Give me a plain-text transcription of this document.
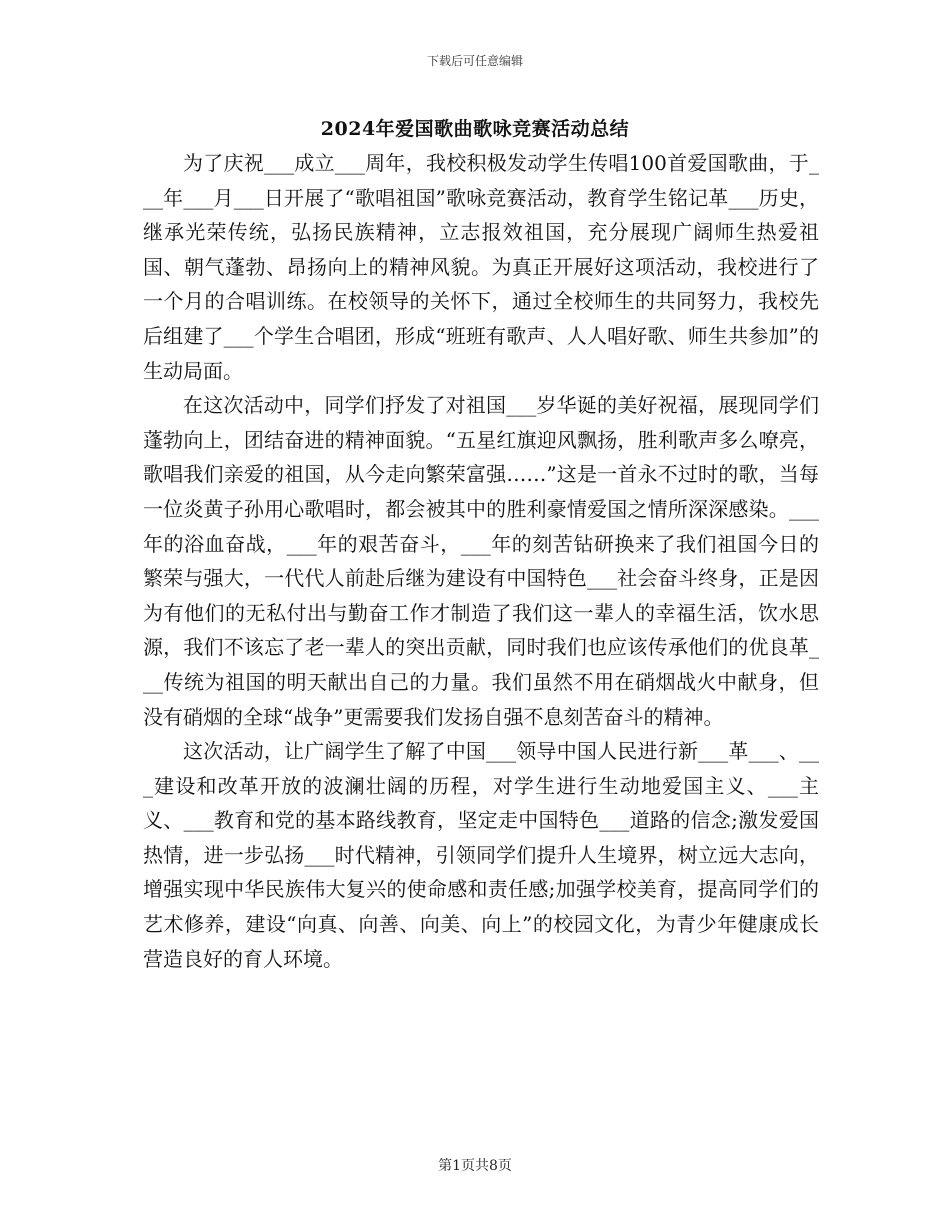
下载后可任意编辑
2024年爱国歌曲歌咏竞赛活动总结

为了庆祝___成立___周年，我校积极发动学生传唱100首爱国歌曲，于___年___月___日开展了“歌唱祖国”歌咏竞赛活动，教育学生铭记革___历史，继承光荣传统，弘扬民族精神，立志报效祖国，充分展现广阔师生热爱祖国、朝气蓬勃、昂扬向上的精神风貌。为真正开展好这项活动，我校进行了一个月的合唱训练。在校领导的关怀下，通过全校师生的共同努力，我校先后组建了___个学生合唱团，形成“班班有歌声、人人唱好歌、师生共参加”的生动局面。

在这次活动中，同学们抒发了对祖国___岁华诞的美好祝福，展现同学们蓬勃向上，团结奋进的精神面貌。“五星红旗迎风飘扬，胜利歌声多么嘹亮，歌唱我们亲爱的祖国，从今走向繁荣富强……”这是一首永不过时的歌，当每一位炎黄子孙用心歌唱时，都会被其中的胜利豪情爱国之情所深深感染。___年的浴血奋战，___年的艰苦奋斗，___年的刻苦钻研换来了我们祖国今日的繁荣与强大，一代代人前赴后继为建设有中国特色___社会奋斗终身，正是因为有他们的无私付出与勤奋工作才制造了我们这一辈人的幸福生活，饮水思源，我们不该忘了老一辈人的突出贡献，同时我们也应该传承他们的优良革___传统为祖国的明天献出自己的力量。我们虽然不用在硝烟战火中献身，但没有硝烟的全球“战争”更需要我们发扬自强不息刻苦奋斗的精神。

这次活动，让广阔学生了解了中国___领导中国人民进行新___革___、___建设和改革开放的波澜壮阔的历程，对学生进行生动地爱国主义、___主义、___教育和党的基本路线教育，坚定走中国特色___道路的信念;激发爱国热情，进一步弘扬___时代精神，引领同学们提升人生境界，树立远大志向，增强实现中华民族伟大复兴的使命感和责任感;加强学校美育，提高同学们的艺术修养，建设“向真、向善、向美、向上”的校园文化，为青少年健康成长营造良好的育人环境。

第1页共8页
